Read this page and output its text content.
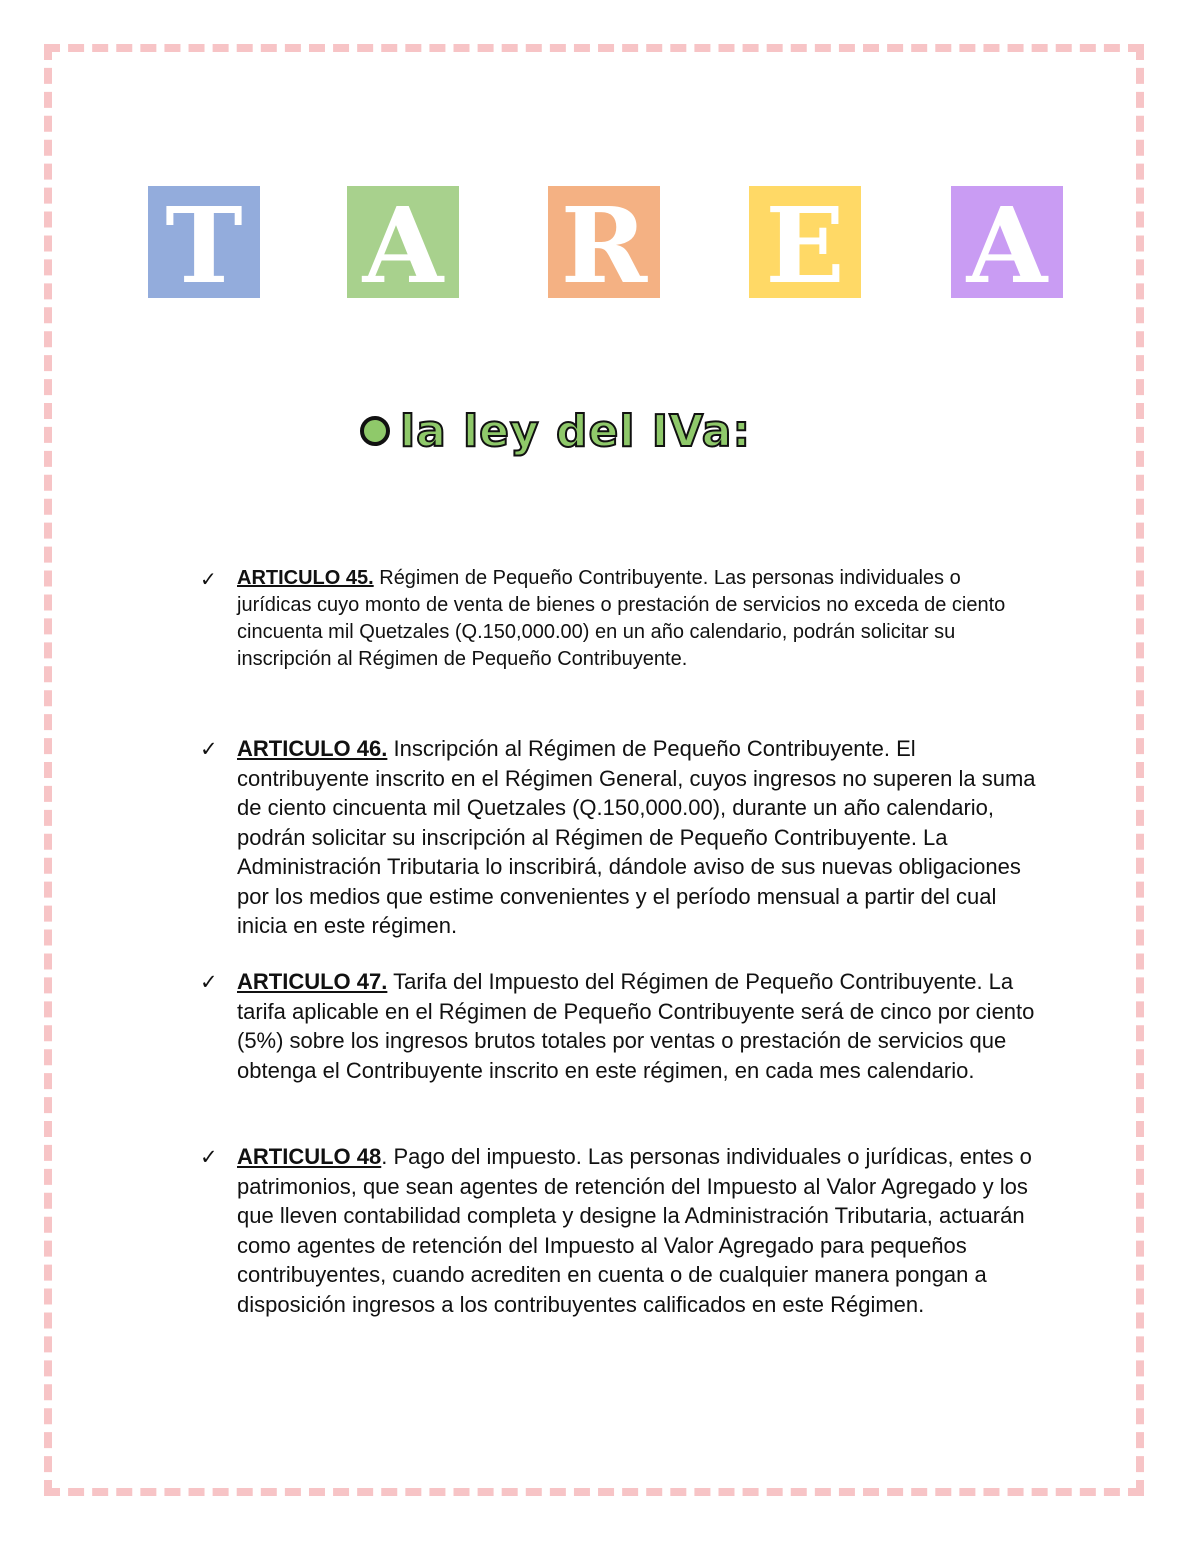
T A R E A
la ley del IVa:
✓ ARTICULO 45. Régimen de Pequeño Contribuyente. Las personas individuales o jurídicas cuyo monto de venta de bienes o prestación de servicios no exceda de ciento cincuenta mil Quetzales (Q.150,000.00) en un año calendario, podrán solicitar su inscripción al Régimen de Pequeño Contribuyente.
✓ ARTICULO 46. Inscripción al Régimen de Pequeño Contribuyente. El contribuyente inscrito en el Régimen General, cuyos ingresos no superen la suma de ciento cincuenta mil Quetzales (Q.150,000.00), durante un año calendario, podrán solicitar su inscripción al Régimen de Pequeño Contribuyente. La Administración Tributaria lo inscribirá, dándole aviso de sus nuevas obligaciones por los medios que estime convenientes y el período mensual a partir del cual inicia en este régimen.
✓ ARTICULO 47. Tarifa del Impuesto del Régimen de Pequeño Contribuyente. La tarifa aplicable en el Régimen de Pequeño Contribuyente será de cinco por ciento (5%) sobre los ingresos brutos totales por ventas o prestación de servicios que obtenga el Contribuyente inscrito en este régimen, en cada mes calendario.
✓ ARTICULO 48. Pago del impuesto. Las personas individuales o jurídicas, entes o patrimonios, que sean agentes de retención del Impuesto al Valor Agregado y los que lleven contabilidad completa y designe la Administración Tributaria, actuarán como agentes de retención del Impuesto al Valor Agregado para pequeños contribuyentes, cuando acrediten en cuenta o de cualquier manera pongan a disposición ingresos a los contribuyentes calificados en este Régimen.
